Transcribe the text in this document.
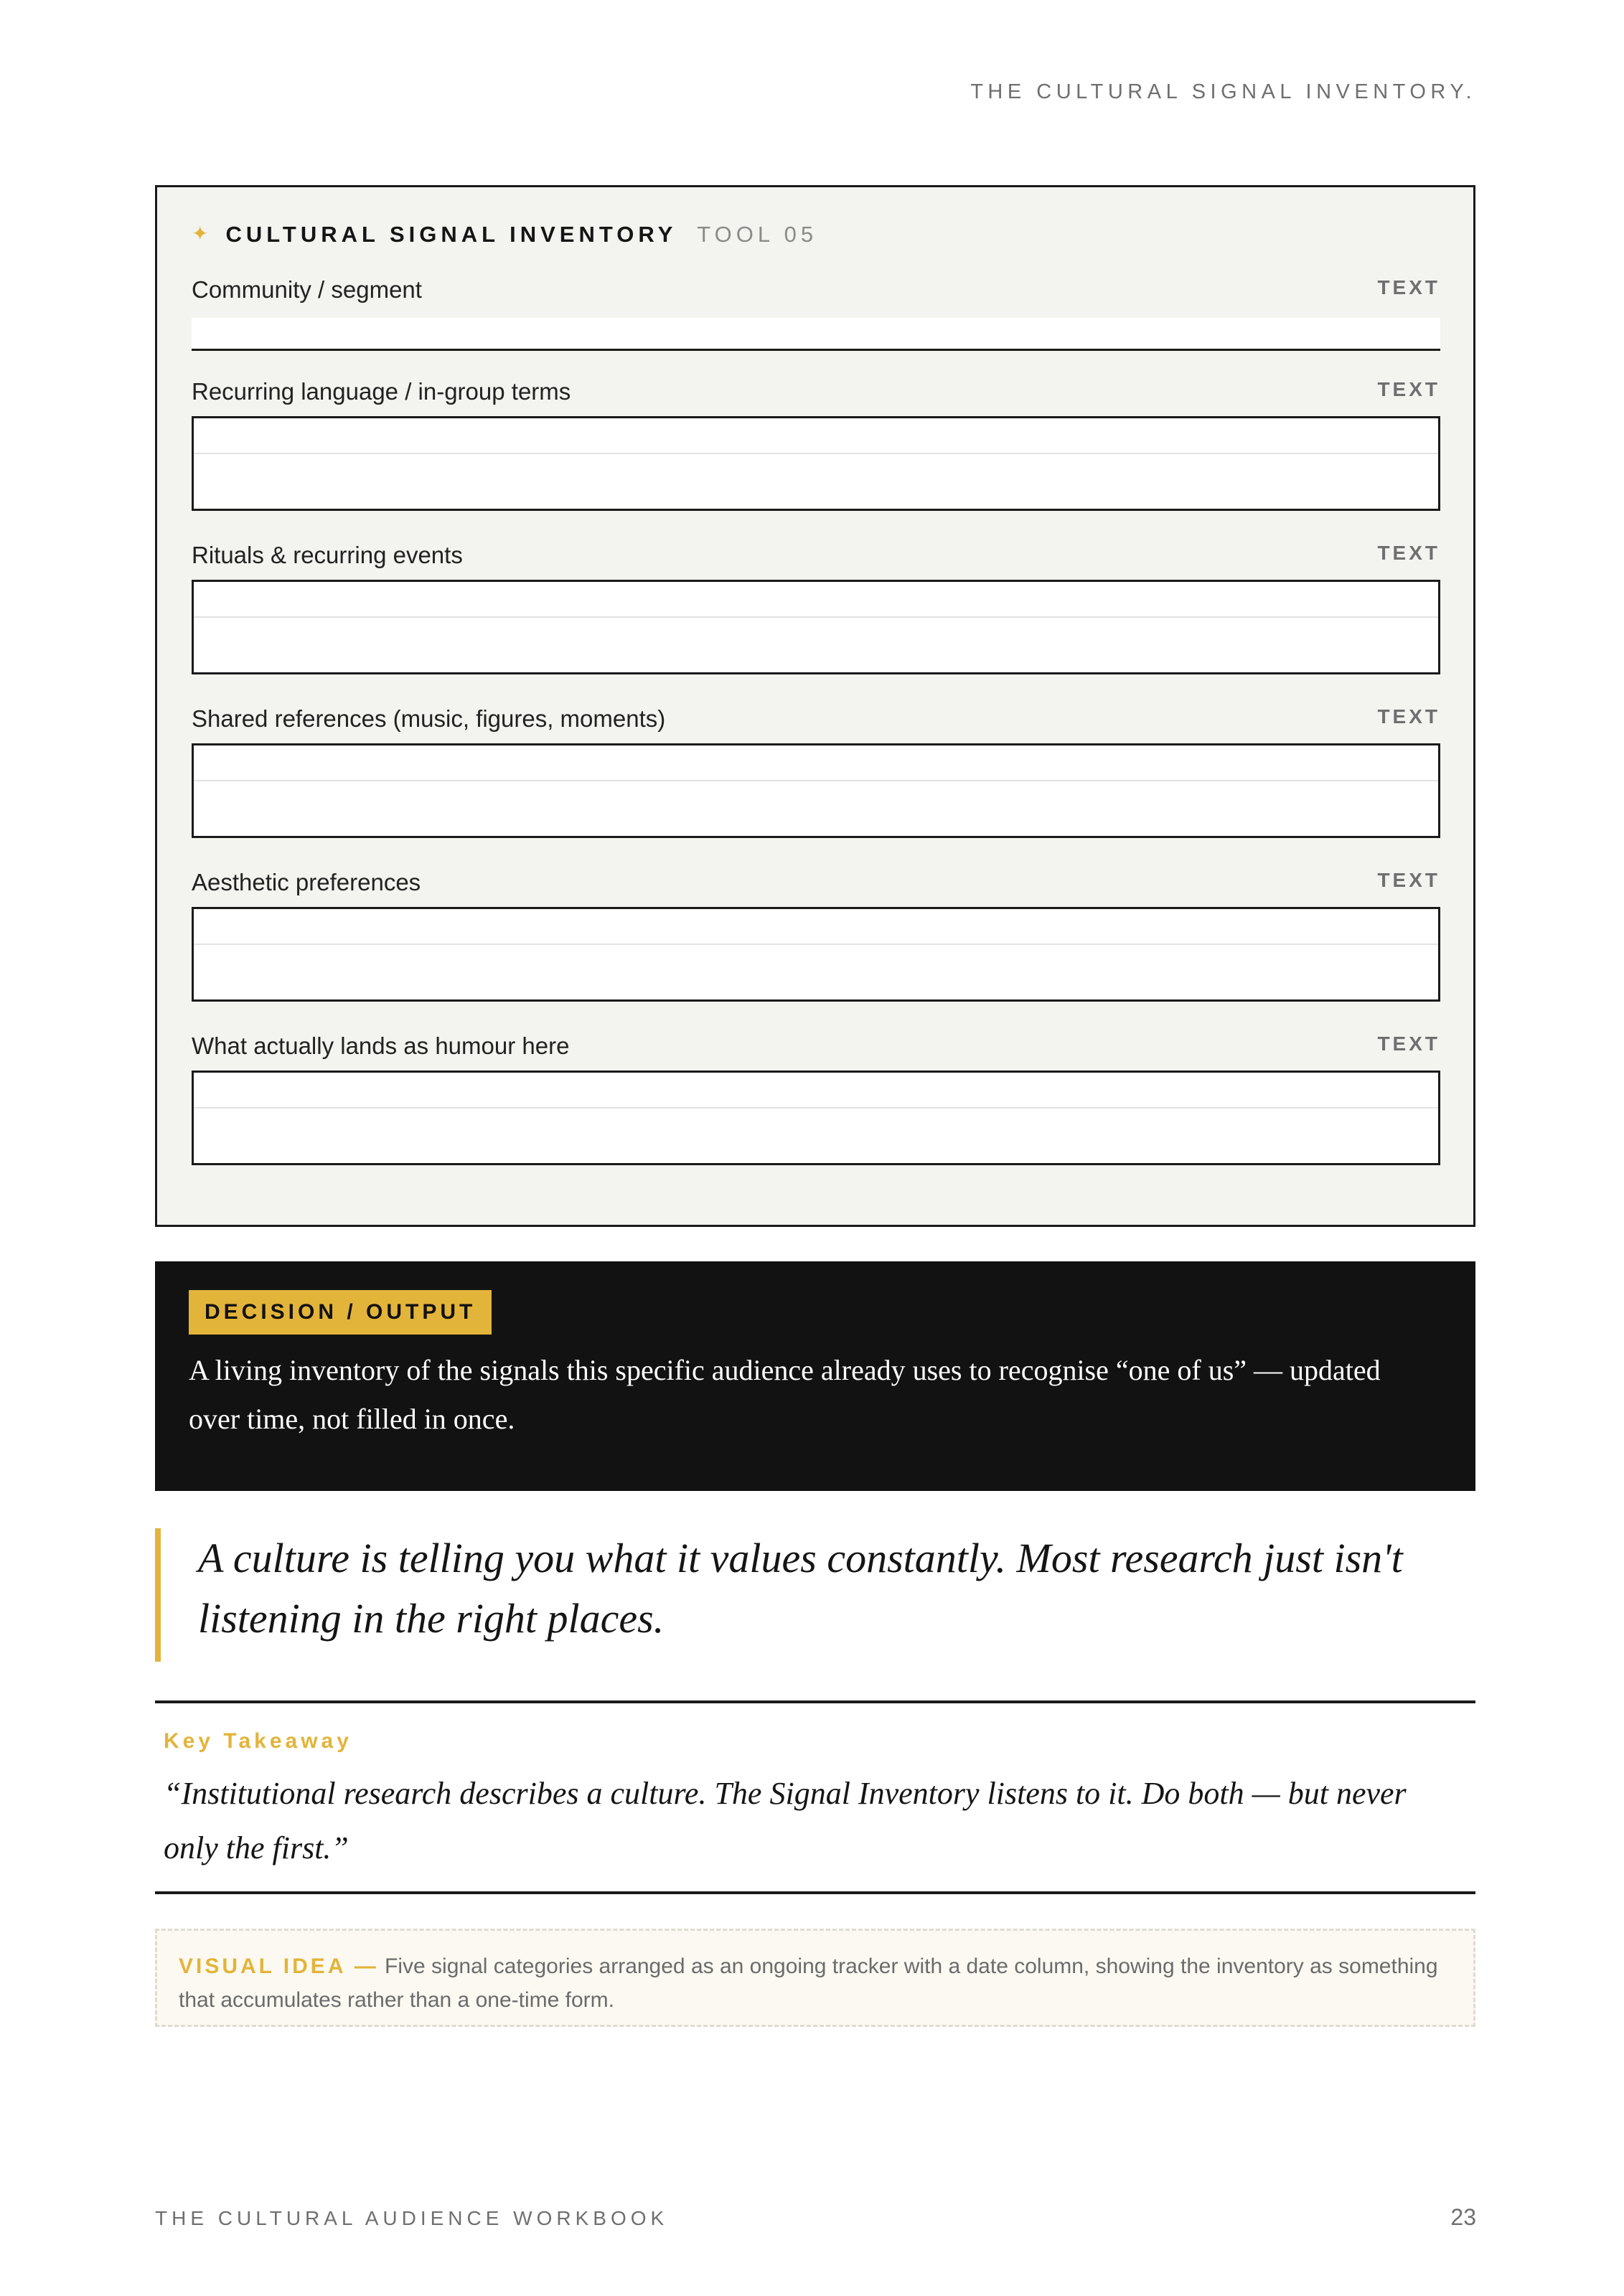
THE CULTURAL SIGNAL INVENTORY.
✦ CULTURAL SIGNAL INVENTORY TOOL 05
Community / segment	TEXT
Recurring language / in-group terms	TEXT
Rituals & recurring events	TEXT
Shared references (music, figures, moments)	TEXT
Aesthetic preferences	TEXT
What actually lands as humour here	TEXT
DECISION / OUTPUT
A living inventory of the signals this specific audience already uses to recognise “one of us” — updated over time, not filled in once.
A culture is telling you what it values constantly. Most research just isn't listening in the right places.
Key Takeaway
“Institutional research describes a culture. The Signal Inventory listens to it. Do both — but never only the first.”
VISUAL IDEA — Five signal categories arranged as an ongoing tracker with a date column, showing the inventory as something that accumulates rather than a one-time form.
THE CULTURAL AUDIENCE WORKBOOK	23
